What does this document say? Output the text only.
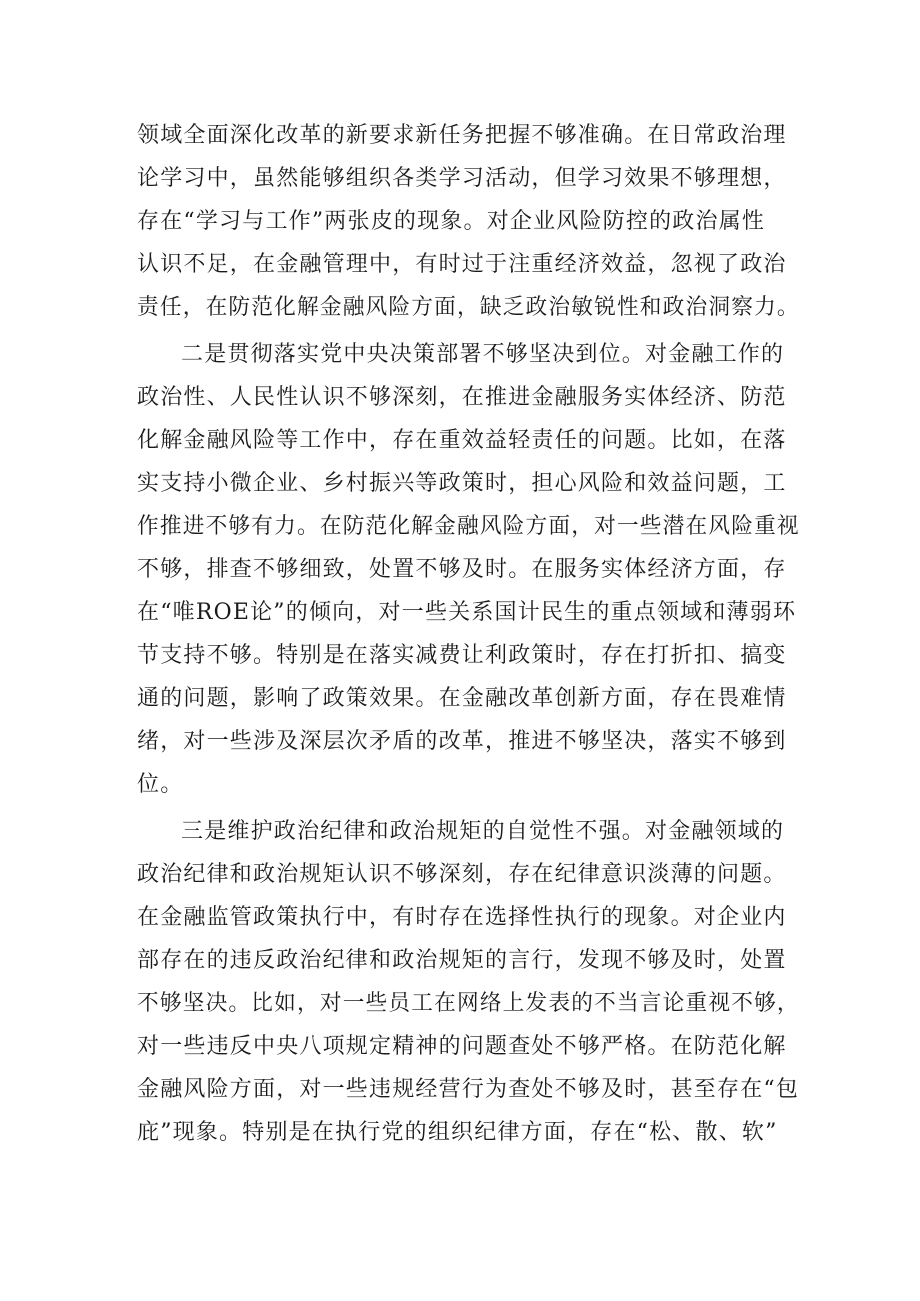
领域全面深化改革的新要求新任务把握不够准确。在日常政治理
论学习中，虽然能够组织各类学习活动，但学习效果不够理想，
存在“学习与工作”两张皮的现象。对企业风险防控的政治属性
认识不足，在金融管理中，有时过于注重经济效益，忽视了政治
责任，在防范化解金融风险方面，缺乏政治敏锐性和政治洞察力。
二是贯彻落实党中央决策部署不够坚决到位。对金融工作的
政治性、人民性认识不够深刻，在推进金融服务实体经济、防范
化解金融风险等工作中，存在重效益轻责任的问题。比如，在落
实支持小微企业、乡村振兴等政策时，担心风险和效益问题，工
作推进不够有力。在防范化解金融风险方面，对一些潜在风险重视
不够，排查不够细致，处置不够及时。在服务实体经济方面，存
在“唯ROE论”的倾向，对一些关系国计民生的重点领域和薄弱环
节支持不够。特别是在落实减费让利政策时，存在打折扣、搞变
通的问题，影响了政策效果。在金融改革创新方面，存在畏难情
绪，对一些涉及深层次矛盾的改革，推进不够坚决，落实不够到
位。
三是维护政治纪律和政治规矩的自觉性不强。对金融领域的
政治纪律和政治规矩认识不够深刻，存在纪律意识淡薄的问题。
在金融监管政策执行中，有时存在选择性执行的现象。对企业内
部存在的违反政治纪律和政治规矩的言行，发现不够及时，处置
不够坚决。比如，对一些员工在网络上发表的不当言论重视不够，
对一些违反中央八项规定精神的问题查处不够严格。在防范化解
金融风险方面，对一些违规经营行为查处不够及时，甚至存在“包
庇”现象。特别是在执行党的组织纪律方面，存在“松、散、软”
